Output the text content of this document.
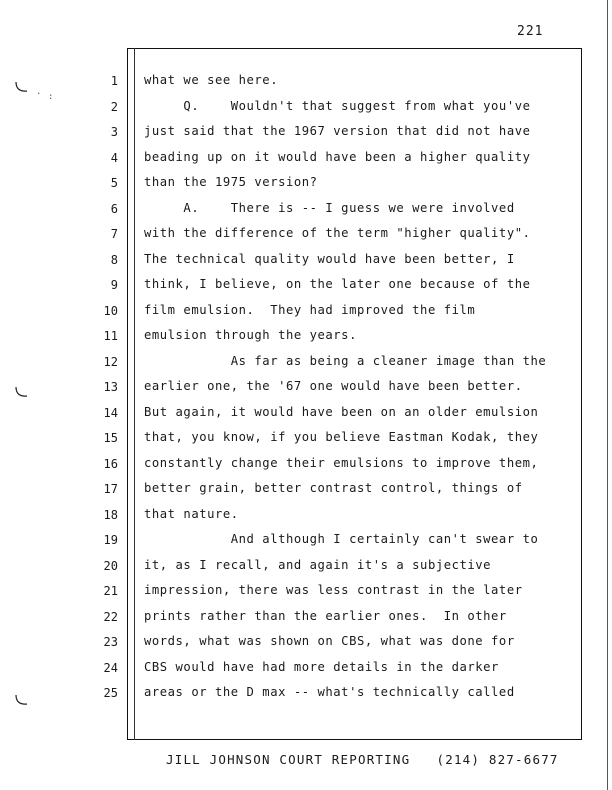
221
. :
1
2
3
4
5
6
7
8
9
10
11
12
13
14
15
16
17
18
19
20
21
22
23
24
25
what we see here.
Q.    Wouldn't that suggest from what you've
just said that the 1967 version that did not have
beading up on it would have been a higher quality
than the 1975 version?
A.    There is -- I guess we were involved
with the difference of the term "higher quality".
The technical quality would have been better, I
think, I believe, on the later one because of the
film emulsion.  They had improved the film
emulsion through the years.
As far as being a cleaner image than the
earlier one, the '67 one would have been better.
But again, it would have been on an older emulsion
that, you know, if you believe Eastman Kodak, they
constantly change their emulsions to improve them,
better grain, better contrast control, things of
that nature.
And although I certainly can't swear to
it, as I recall, and again it's a subjective
impression, there was less contrast in the later
prints rather than the earlier ones.  In other
words, what was shown on CBS, what was done for
CBS would have had more details in the darker
areas or the D max -- what's technically called
JILL JOHNSON COURT REPORTING   (214) 827-6677
